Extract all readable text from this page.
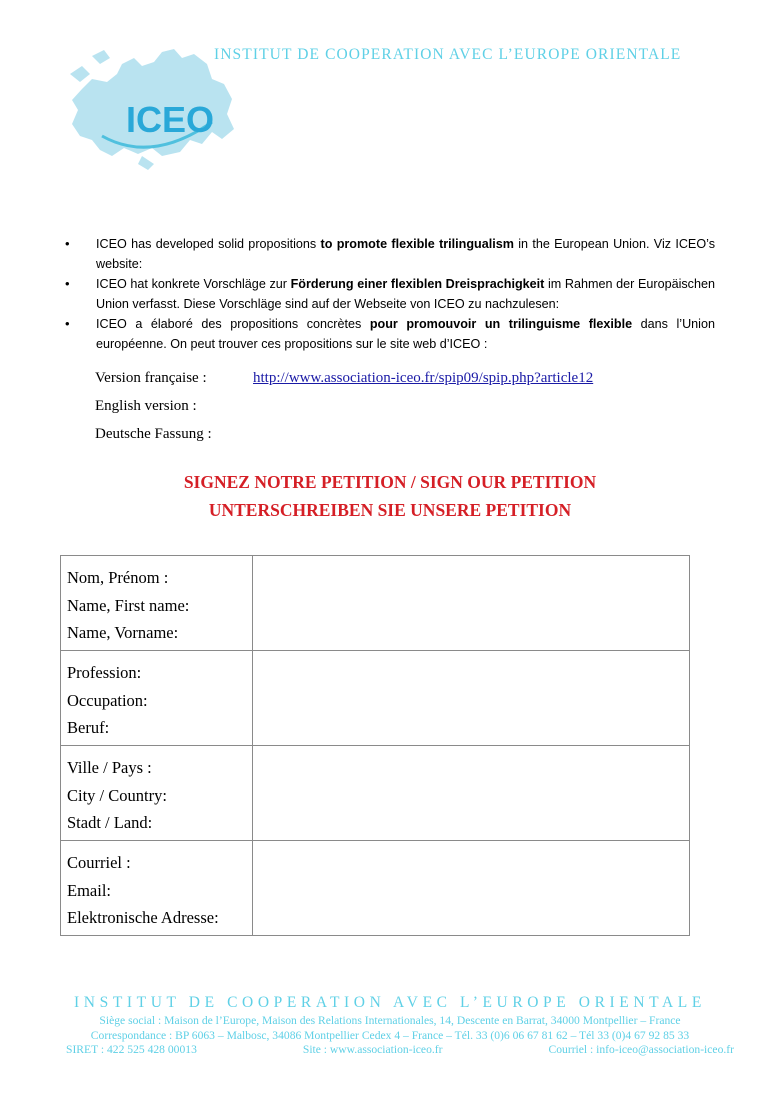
INSTITUT DE COOPERATION AVEC L’EUROPE ORIENTALE
ICEO
• ICEO has developed solid propositions to promote flexible trilingualism in the European Union. Viz ICEO’s website:
• ICEO hat konkrete Vorschläge zur Förderung einer flexiblen Dreisprachigkeit im Rahmen der Europäischen Union verfasst. Diese Vorschläge sind auf der Webseite von ICEO zu nachzulesen:
• ICEO a élaboré des propositions concrètes pour promouvoir un trilinguisme flexible dans l’Union européenne. On peut trouver ces propositions sur le site web d’ICEO :
Version française :	http://www.association-iceo.fr/spip09/spip.php?article12
English version :
Deutsche Fassung :
SIGNEZ NOTRE PETITION / SIGN OUR PETITION
UNTERSCHREIBEN SIE UNSERE PETITION
Nom, Prénom :
Name, First name:
Name, Vorname:	

Profession:
Occupation:
Beruf:	

Ville / Pays :
City / Country:
Stadt / Land:	

Courriel :
Email:
Elektronische Adresse:	

INSTITUT DE COOPERATION AVEC L’EUROPE ORIENTALE
Siège social : Maison de l’Europe, Maison des Relations Internationales, 14, Descente en Barrat, 34000 Montpellier – France
Correspondance : BP 6063 – Malbosc, 34086 Montpellier Cedex 4 – France – Tél. 33 (0)6 06 67 81 62 – Tél 33 (0)4 67 92 85 33
SIRET : 422 525 428 00013	Site : www.association-iceo.fr	Courriel : info-iceo@association-iceo.fr
